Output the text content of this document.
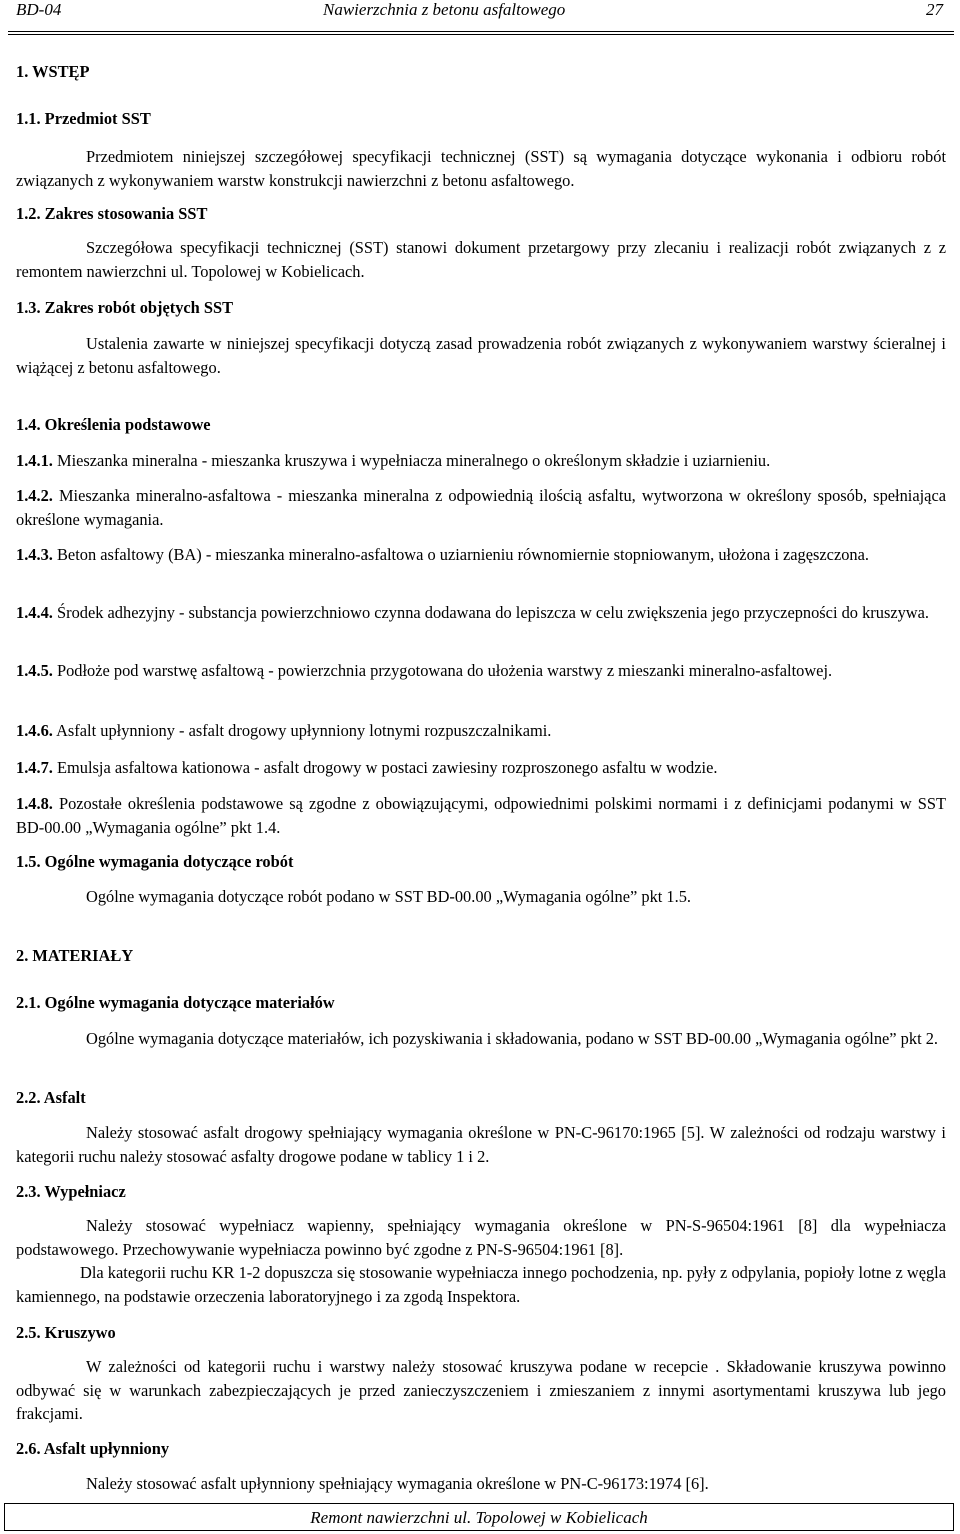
BD-04	Nawierzchnia z betonu asfaltowego	27

1. WSTĘP

1.1. Przedmiot SST

Przedmiotem niniejszej szczegółowej specyfikacji technicznej (SST) są wymagania dotyczące wykonania i odbioru robót związanych z wykonywaniem warstw konstrukcji nawierzchni z betonu asfaltowego.

1.2. Zakres stosowania SST

Szczegółowa specyfikacji technicznej (SST) stanowi dokument przetargowy przy zlecaniu i realizacji robót związanych z z remontem nawierzchni ul. Topolowej w Kobielicach.

1.3. Zakres robót objętych SST

Ustalenia zawarte w niniejszej specyfikacji dotyczą zasad prowadzenia robót związanych z wykonywaniem warstwy ścieralnej i wiążącej z betonu asfaltowego.

1.4. Określenia podstawowe

1.4.1. Mieszanka mineralna - mieszanka kruszywa i wypełniacza mineralnego o określonym składzie i uziarnieniu.

1.4.2. Mieszanka mineralno-asfaltowa - mieszanka mineralna z odpowiednią ilością asfaltu, wytworzona w określony sposób, spełniająca określone wymagania.

1.4.3. Beton asfaltowy (BA) - mieszanka mineralno-asfaltowa o uziarnieniu równomiernie stopniowanym, ułożona i zagęszczona.

1.4.4. Środek adhezyjny - substancja powierzchniowo czynna dodawana do lepiszcza w celu zwiększenia jego przyczepności do kruszywa.

1.4.5. Podłoże pod warstwę asfaltową - powierzchnia przygotowana do ułożenia warstwy z mieszanki mineralno-asfaltowej.

1.4.6. Asfalt upłynniony - asfalt drogowy upłynniony lotnymi rozpuszczalnikami.

1.4.7. Emulsja asfaltowa kationowa - asfalt drogowy w postaci zawiesiny rozproszonego asfaltu w wodzie.

1.4.8. Pozostałe określenia podstawowe są zgodne z obowiązującymi, odpowiednimi polskimi normami i z definicjami podanymi w SST BD-00.00 „Wymagania ogólne” pkt 1.4.

1.5. Ogólne wymagania dotyczące robót

Ogólne wymagania dotyczące robót podano w SST BD-00.00 „Wymagania ogólne” pkt 1.5.

2. MATERIAŁY

2.1. Ogólne wymagania dotyczące materiałów

Ogólne wymagania dotyczące materiałów, ich pozyskiwania i składowania, podano w SST BD-00.00 „Wymagania ogólne” pkt 2.

2.2. Asfalt

Należy stosować asfalt drogowy spełniający wymagania określone w PN-C-96170:1965 [5]. W zależności od rodzaju warstwy i kategorii ruchu należy stosować asfalty drogowe podane w tablicy 1 i 2.

2.3. Wypełniacz

Należy stosować wypełniacz wapienny, spełniający wymagania określone w PN-S-96504:1961 [8] dla wypełniacza podstawowego. Przechowywanie wypełniacza powinno być zgodne z PN-S-96504:1961 [8].

Dla kategorii ruchu KR 1-2 dopuszcza się stosowanie wypełniacza innego pochodzenia, np. pyły z odpylania, popioły lotne z węgla kamiennego, na podstawie orzeczenia laboratoryjnego i za zgodą Inspektora.

2.5. Kruszywo

W zależności od kategorii ruchu i warstwy należy stosować kruszywa podane w recepcie . Składowanie kruszywa powinno odbywać się w warunkach zabezpieczających je przed zanieczyszczeniem i zmieszaniem z innymi asortymentami kruszywa lub jego frakcjami.

2.6. Asfalt upłynniony

Należy stosować asfalt upłynniony spełniający wymagania określone w PN-C-96173:1974 [6].

Remont nawierzchni ul. Topolowej w Kobielicach
